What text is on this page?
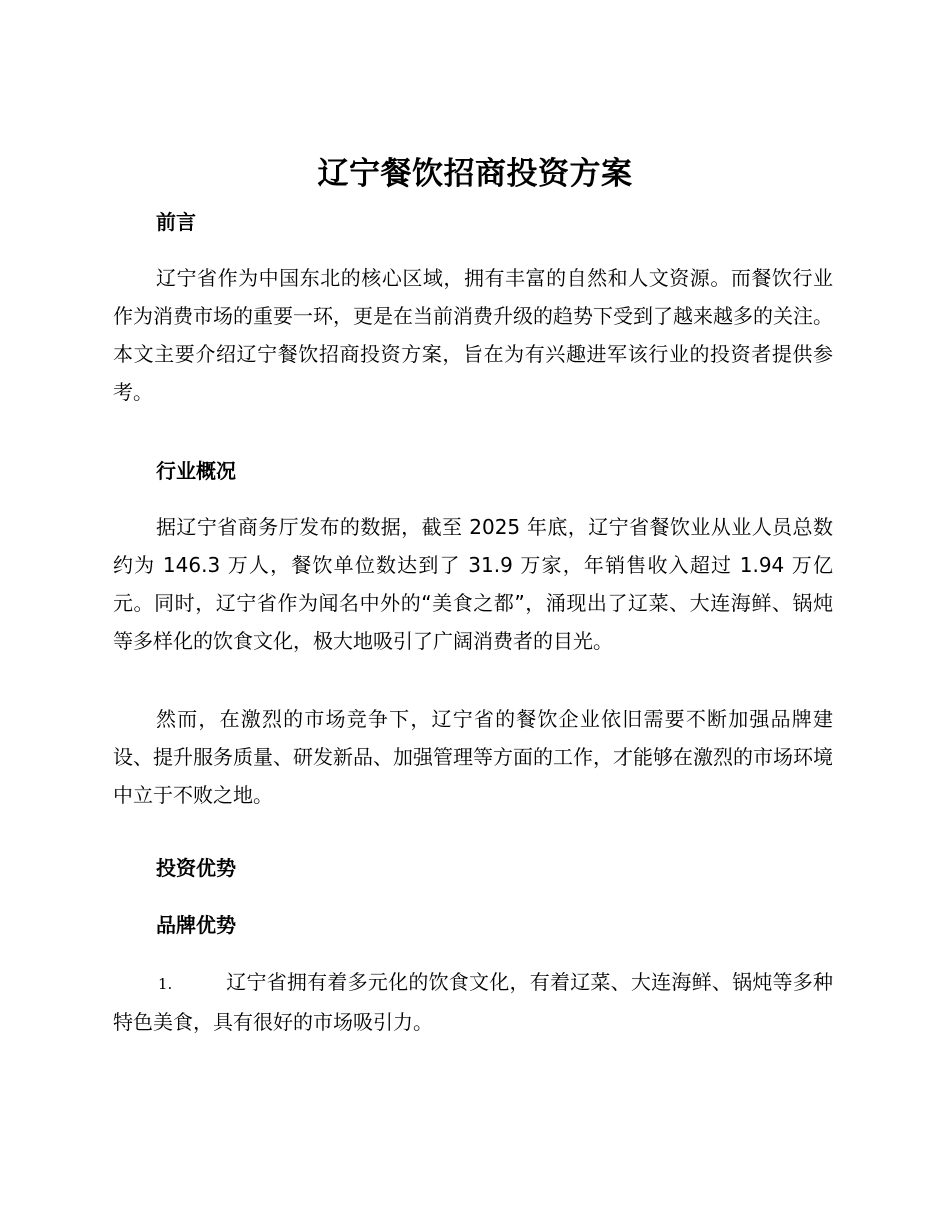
辽宁餐饮招商投资方案
前言
辽宁省作为中国东北的核心区域，拥有丰富的自然和人文资源。而餐饮行业作为消费市场的重要一环，更是在当前消费升级的趋势下受到了越来越多的关注。本文主要介绍辽宁餐饮招商投资方案，旨在为有兴趣进军该行业的投资者提供参考。
行业概况
据辽宁省商务厅发布的数据，截至 2025 年底，辽宁省餐饮业从业人员总数约为 146.3 万人，餐饮单位数达到了 31.9 万家，年销售收入超过 1.94 万亿元。同时，辽宁省作为闻名中外的“美食之都”，涌现出了辽菜、大连海鲜、锅炖等多样化的饮食文化，极大地吸引了广阔消费者的目光。
然而，在激烈的市场竞争下，辽宁省的餐饮企业依旧需要不断加强品牌建设、提升服务质量、研发新品、加强管理等方面的工作，才能够在激烈的市场环境中立于不败之地。
投资优势
品牌优势
1.	辽宁省拥有着多元化的饮食文化，有着辽菜、大连海鲜、锅炖等多种特色美食，具有很好的市场吸引力。
